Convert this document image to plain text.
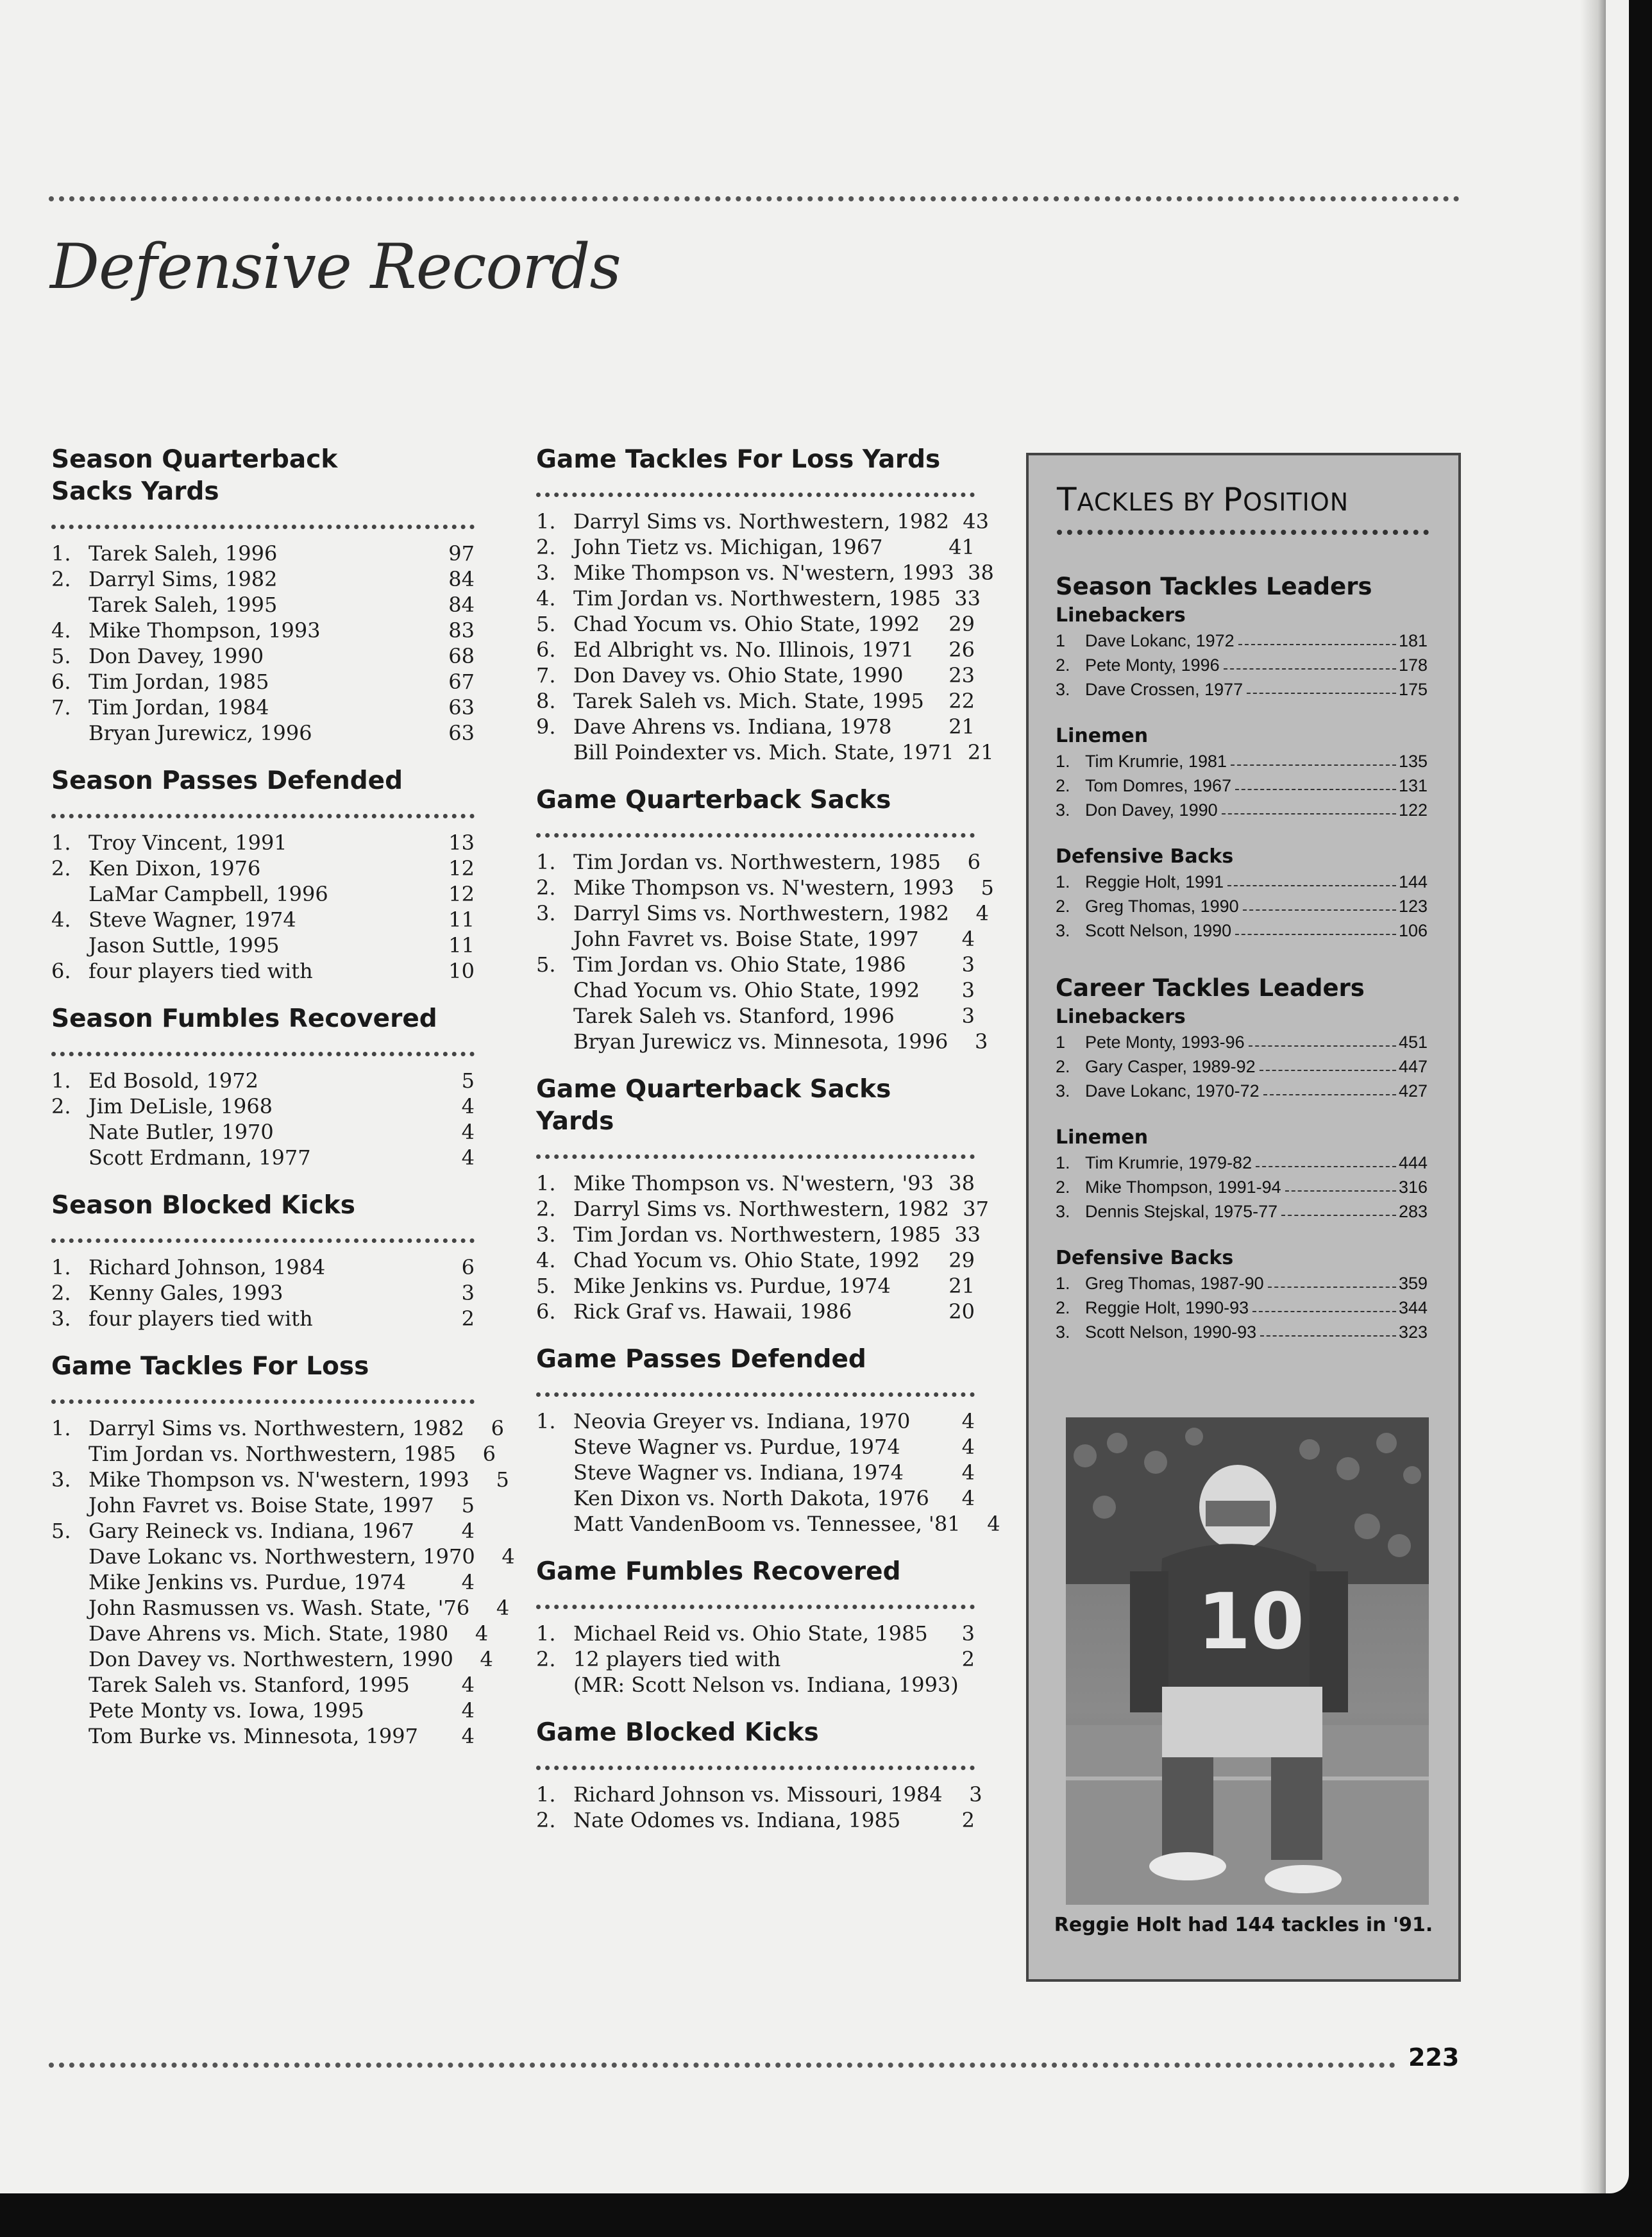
Defensive Records
Season Quarterback Sacks Yards
1. Tarek Saleh, 1996	97
2. Darryl Sims, 1982	84
Tarek Saleh, 1995	84
4. Mike Thompson, 1993	83
5. Don Davey, 1990	68
6. Tim Jordan, 1985	67
7. Tim Jordan, 1984	63
Bryan Jurewicz, 1996	63
Season Passes Defended
1. Troy Vincent, 1991	13
2. Ken Dixon, 1976	12
LaMar Campbell, 1996	12
4. Steve Wagner, 1974	11
Jason Suttle, 1995	11
6. four players tied with	10
Season Fumbles Recovered
1. Ed Bosold, 1972	5
2. Jim DeLisle, 1968	4
Nate Butler, 1970	4
Scott Erdmann, 1977	4
Season Blocked Kicks
1. Richard Johnson, 1984	6
2. Kenny Gales, 1993	3
3. four players tied with	2
Game Tackles For Loss
1. Darryl Sims vs. Northwestern, 1982	6
Tim Jordan vs. Northwestern, 1985	6
3. Mike Thompson vs. N'western, 1993	5
John Favret vs. Boise State, 1997	5
5. Gary Reineck vs. Indiana, 1967	4
Dave Lokanc vs. Northwestern, 1970	4
Mike Jenkins vs. Purdue, 1974	4
John Rasmussen vs. Wash. State, '76	4
Dave Ahrens vs. Mich. State, 1980	4
Don Davey vs. Northwestern, 1990	4
Tarek Saleh vs. Stanford, 1995	4
Pete Monty vs. Iowa, 1995	4
Tom Burke vs. Minnesota, 1997	4
Game Tackles For Loss Yards
1. Darryl Sims vs. Northwestern, 1982 43
2. John Tietz vs. Michigan, 1967	41
3. Mike Thompson vs. N'western, 1993 38
4. Tim Jordan vs. Northwestern, 1985 33
5. Chad Yocum vs. Ohio State, 1992	29
6. Ed Albright vs. No. Illinois, 1971	26
7. Don Davey vs. Ohio State, 1990	23
8. Tarek Saleh vs. Mich. State, 1995	22
9. Dave Ahrens vs. Indiana, 1978	21
Bill Poindexter vs. Mich. State, 1971 21
Game Quarterback Sacks
1. Tim Jordan vs. Northwestern, 1985	6
2. Mike Thompson vs. N'western, 1993	5
3. Darryl Sims vs. Northwestern, 1982	4
John Favret vs. Boise State, 1997	4
5. Tim Jordan vs. Ohio State, 1986	3
Chad Yocum vs. Ohio State, 1992	3
Tarek Saleh vs. Stanford, 1996	3
Bryan Jurewicz vs. Minnesota, 1996	3
Game Quarterback Sacks Yards
1. Mike Thompson vs. N'western, '93 38
2. Darryl Sims vs. Northwestern, 1982 37
3. Tim Jordan vs. Northwestern, 1985 33
4. Chad Yocum vs. Ohio State, 1992	29
5. Mike Jenkins vs. Purdue, 1974	21
6. Rick Graf vs. Hawaii, 1986	20
Game Passes Defended
1. Neovia Greyer vs. Indiana, 1970	4
Steve Wagner vs. Purdue, 1974	4
Steve Wagner vs. Indiana, 1974	4
Ken Dixon vs. North Dakota, 1976	4
Matt VandenBoom vs. Tennessee, '81	4
Game Fumbles Recovered
1. Michael Reid vs. Ohio State, 1985	3
2. 12 players tied with	2
(MR: Scott Nelson vs. Indiana, 1993)
Game Blocked Kicks
1. Richard Johnson vs. Missouri, 1984	3
2. Nate Odomes vs. Indiana, 1985	2
TACKLES BY POSITION
Season Tackles Leaders
Linebackers
1	Dave Lokanc, 1972	181
2. Pete Monty, 1996	178
3. Dave Crossen, 1977	175
Linemen
1. Tim Krumrie, 1981	135
2. Tom Domres, 1967	131
3. Don Davey, 1990	122
Defensive Backs
1. Reggie Holt, 1991	144
2. Greg Thomas, 1990	123
3. Scott Nelson, 1990	106
Career Tackles Leaders
Linebackers
1	Pete Monty, 1993-96	451
2. Gary Casper, 1989-92	447
3. Dave Lokanc, 1970-72	427
Linemen
1. Tim Krumrie, 1979-82	444
2. Mike Thompson, 1991-94	316
3. Dennis Stejskal, 1975-77	283
Defensive Backs
1. Greg Thomas, 1987-90	359
2. Reggie Holt, 1990-93	344
3. Scott Nelson, 1990-93	323
10
Reggie Holt had 144 tackles in '91.
223
